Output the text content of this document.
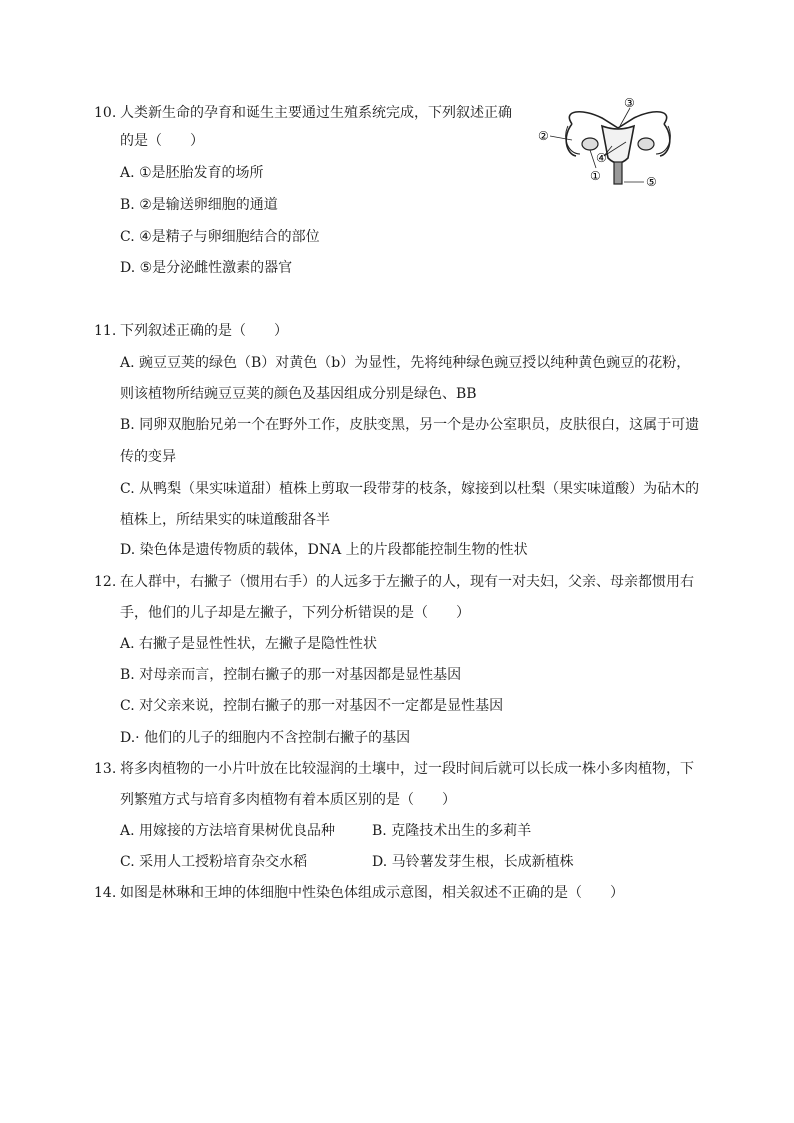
10. 人类新生命的孕育和诞生主要通过生殖系统完成，下列叙述正确
的是（　　）
A. ①是胚胎发育的场所
B. ②是输送卵细胞的通道
C. ④是精子与卵细胞结合的部位
D. ⑤是分泌雌性激素的器官
②
③
①
④
⑤
11. 下列叙述正确的是（　　）
A. 豌豆豆荚的绿色（B）对黄色（b）为显性，先将纯种绿色豌豆授以纯种黄色豌豆的花粉，
则该植物所结豌豆豆荚的颜色及基因组成分别是绿色、BB
B. 同卵双胞胎兄弟一个在野外工作，皮肤变黑，另一个是办公室职员，皮肤很白，这属于可遗
传的变异
C. 从鸭梨（果实味道甜）植株上剪取一段带芽的枝条，嫁接到以杜梨（果实味道酸）为砧木的
植株上，所结果实的味道酸甜各半
D. 染色体是遗传物质的载体，DNA 上的片段都能控制生物的性状
12. 在人群中，右撇子（惯用右手）的人远多于左撇子的人，现有一对夫妇，父亲、母亲都惯用右
手，他们的儿子却是左撇子，下列分析错误的是（　　）
A. 右撇子是显性性状，左撇子是隐性性状
B. 对母亲而言，控制右撇子的那一对基因都是显性基因
C. 对父亲来说，控制右撇子的那一对基因不一定都是显性基因
D.· 他们的儿子的细胞内不含控制右撇子的基因
13. 将多肉植物的一小片叶放在比较湿润的土壤中，过一段时间后就可以长成一株小多肉植物，下
列繁殖方式与培育多肉植物有着本质区别的是（　　）
A. 用嫁接的方法培育果树优良品种	B. 克隆技术出生的多莉羊
C. 采用人工授粉培育杂交水稻	D. 马铃薯发芽生根，长成新植株
14. 如图是林琳和王坤的体细胞中性染色体组成示意图，相关叙述不正确的是（　　）
